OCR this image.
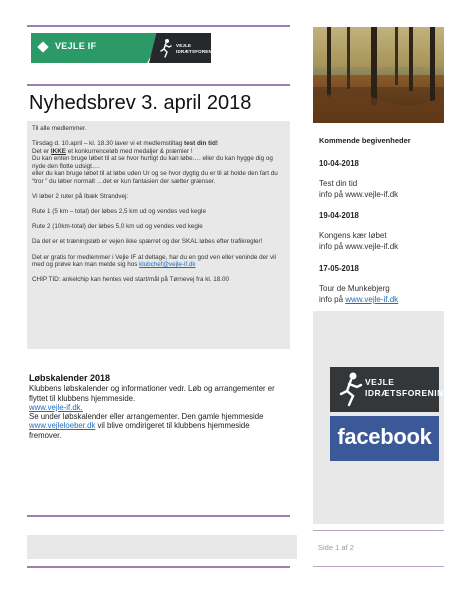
VEJLE IF	VEJLE
IDRÆTSFORENING
Nyhedsbrev 3. april 2018

Til alle medlemmer.

Tirsdag d. 10.april – kl. 18.30 laver vi et medlemstiltag test din tid!
Det er IKKE et konkurrenceløb med medaljer & præmier !
Du kan enten bruge løbet til at se hvor hurtigt du kan løbe…. eller du kan hygge dig og nyde den flotte udsigt….
eller du kan bruge løbet til at løbe uden Ur og se hvor dygtig du er til at holde den fart du “tror ” du løber normalt …det er kun fantasien der sætter grænser.

Vi løber 2 ruter på Ibæk Strandvej:

Rute 1 (5 km – total) der løbes 2,5 km ud og vendes ved kegle

Rute 2 (10km-total) der løbes 5,0 km ud og vendes ved kegle

Da det er et træningsløb er vejen ikke spærret og der SKAL løbes efter trafikregler!

Det er gratis for medlemmer i Vejle IF at deltage, har du en god ven eller veninde der vil med og prøve kan man melde sig hos klubchef@vejle-if.dk

CHIP TID: ankelchip kan hentes ved start/mål på Tørnevej fra kl. 18.00

Kommende begivenheder
10-04-2018
Test din tid
info på www.vejle-if.dk
19-04-2018
Kongens kær løbet
info på www.vejle-if.dk
17-05-2018
Tour de Munkebjerg
info på www.vejle-if.dk
VEJLE
IDRÆTSFORENING
facebook
Løbskalender 2018
Klubbens løbskalender og informationer vedr. Løb og arrangementer er flyttet til klubbens hjemmeside.
www.vejle-if.dk.
Se under løbskalender eller arrangementer. Den gamle hjemmeside www.vejleloeber.dk vil blive omdirigeret til klubbens hjemmeside fremover.
Side 1 af 2
